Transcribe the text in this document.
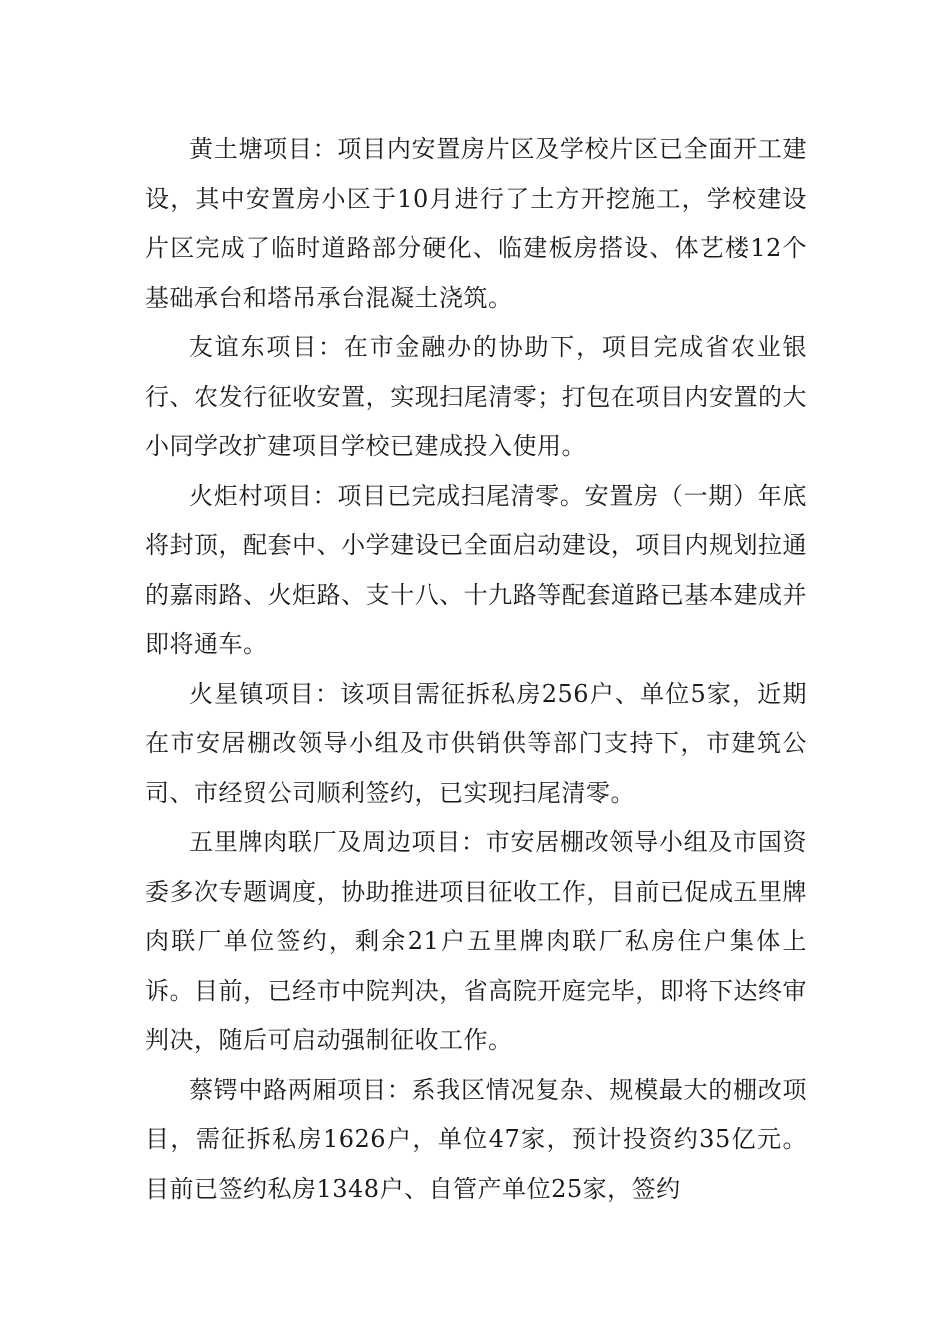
黄土塘项目：项目内安置房片区及学校片区已全面开工建设，其中安置房小区于10月进行了土方开挖施工，学校建设片区完成了临时道路部分硬化、临建板房搭设、体艺楼12个基础承台和塔吊承台混凝土浇筑。

友谊东项目：在市金融办的协助下，项目完成省农业银行、农发行征收安置，实现扫尾清零；打包在项目内安置的大小同学改扩建项目学校已建成投入使用。

火炬村项目：项目已完成扫尾清零。安置房（一期）年底将封顶，配套中、小学建设已全面启动建设，项目内规划拉通的嘉雨路、火炬路、支十八、十九路等配套道路已基本建成并即将通车。

火星镇项目：该项目需征拆私房256户、单位5家，近期在市安居棚改领导小组及市供销供等部门支持下，市建筑公司、市经贸公司顺利签约，已实现扫尾清零。

五里牌肉联厂及周边项目：市安居棚改领导小组及市国资委多次专题调度，协助推进项目征收工作，目前已促成五里牌肉联厂单位签约，剩余21户五里牌肉联厂私房住户集体上诉。目前，已经市中院判决，省高院开庭完毕，即将下达终审判决，随后可启动强制征收工作。

蔡锷中路两厢项目：系我区情况复杂、规模最大的棚改项目，需征拆私房1626户，单位47家，预计投资约35亿元。目前已签约私房1348户、自管产单位25家，签约
